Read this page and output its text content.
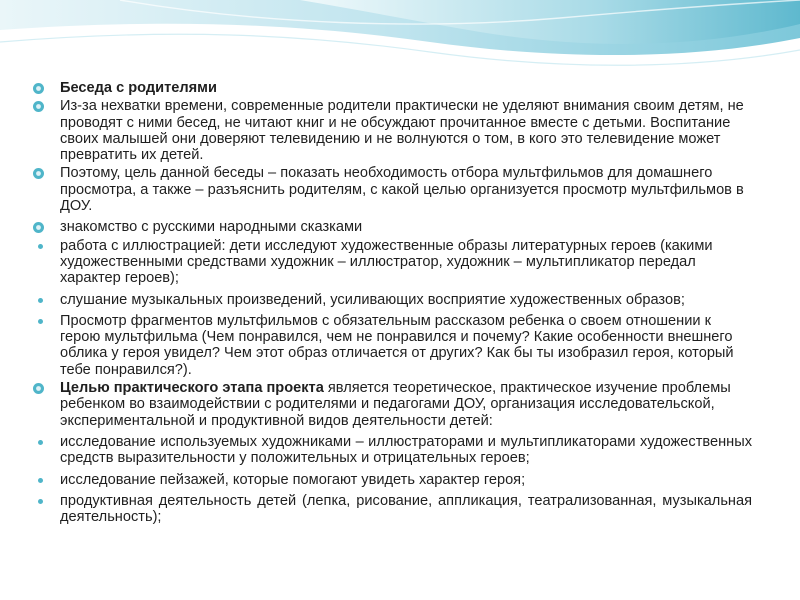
Беседа с родителями

Из-за нехватки времени, современные родители практически не уделяют внимания своим детям, не проводят с ними бесед, не читают книг и не обсуждают прочитанное вместе с детьми. Воспитание своих малышей они доверяют телевидению и не волнуются о том, в кого это телевидение может превратить их детей.

Поэтому, цель данной беседы – показать необходимость отбора мультфильмов для домашнего просмотра, а также – разъяснить родителям, с какой целью организуется просмотр мультфильмов в ДОУ.

знакомство с русскими народными сказками

работа с иллюстрацией: дети исследуют художественные образы литературных героев (какими художественными средствами художник – иллюстратор, художник – мультипликатор передал характер героев);

слушание музыкальных произведений, усиливающих восприятие художественных образов;

Просмотр фрагментов мультфильмов с обязательным рассказом ребенка о своем отношении к герою мультфильма (Чем понравился, чем не понравился и почему? Какие особенности внешнего облика у героя увидел? Чем этот образ отличается от других? Как бы ты изобразил героя, который тебе понравился?).

Целью практического этапа проекта является теоретическое, практическое изучение проблемы ребенком во взаимодействии с родителями и педагогами ДОУ, организация исследовательской, экспериментальной и продуктивной видов деятельности детей:

исследование используемых художниками – иллюстраторами и мультипликаторами художественных средств выразительности у положительных и отрицательных героев;

исследование пейзажей, которые помогают увидеть характер героя;

продуктивная деятельность детей (лепка, рисование, аппликация, театрализованная, музыкальная деятельность);
